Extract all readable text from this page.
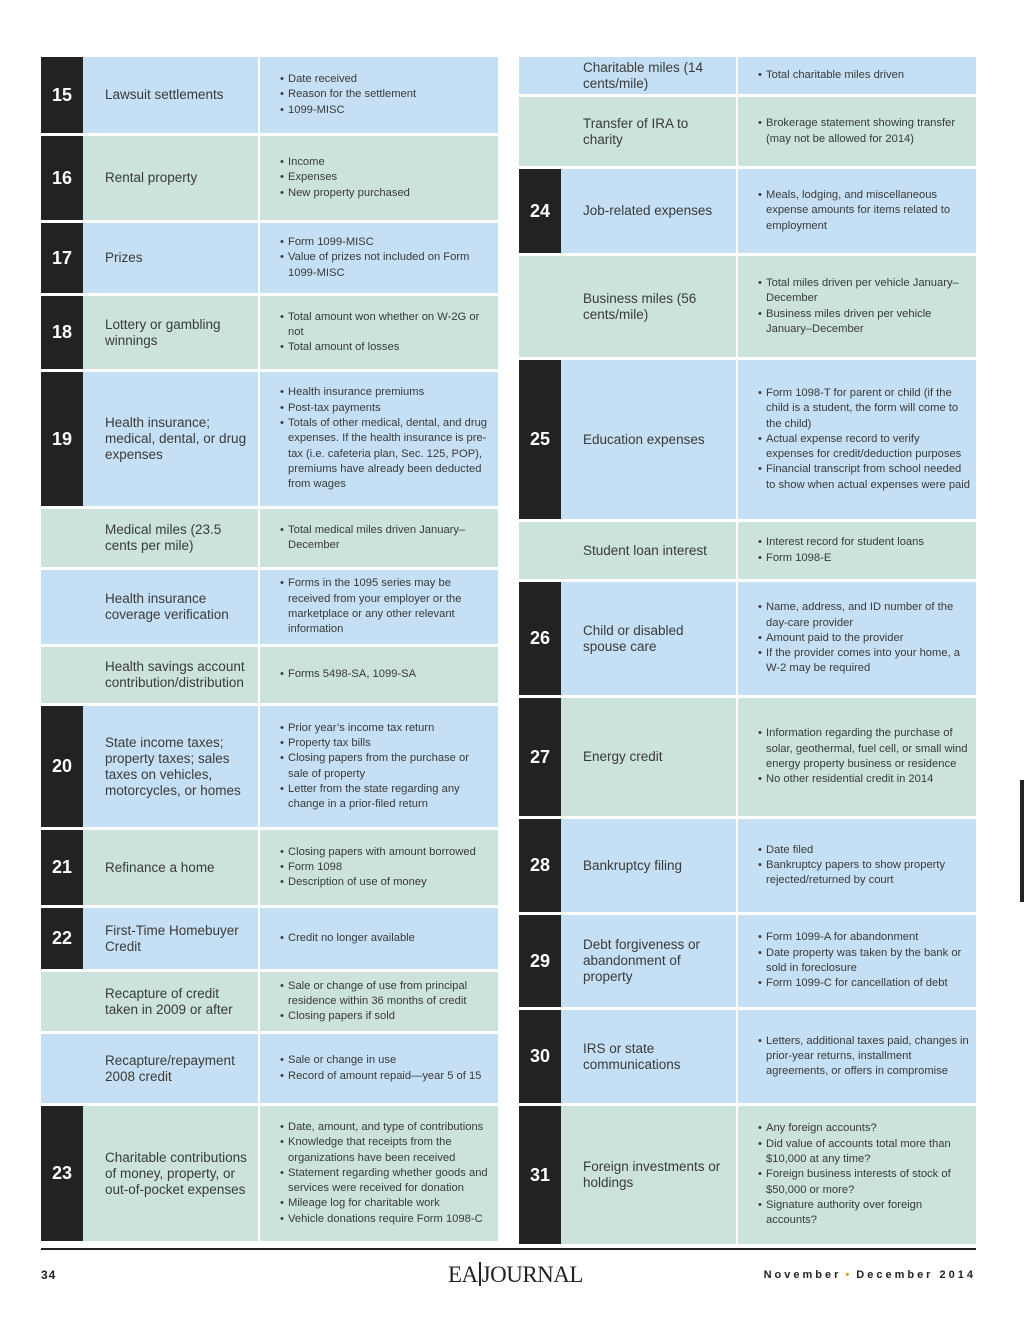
15	Lawsuit settlements
• Date received
• Reason for the settlement
• 1099-MISC
16	Rental property
• Income
• Expenses
• New property purchased
17	Prizes
• Form 1099-MISC
• Value of prizes not included on Form 1099-MISC
18	Lottery or gambling winnings
• Total amount won whether on W-2G or not
• Total amount of losses
19
Health insurance; medical, dental, or drug expenses
• Health insurance premiums
• Post-tax payments
• Totals of other medical, dental, and drug expenses. If the health insurance is pre-tax (i.e. cafeteria plan, Sec. 125, POP), premiums have already been deducted from wages
Medical miles (23.5 cents per mile)
• Total medical miles driven January–December
Health insurance coverage verification
• Forms in the 1095 series may be received from your employer or the marketplace or any other relevant information
Health savings account contribution/distribution
• Forms 5498-SA, 1099-SA
20
State income taxes; property taxes; sales taxes on vehicles, motorcycles, or homes
• Prior year’s income tax return
• Property tax bills
• Closing papers from the purchase or sale of property
• Letter from the state regarding any change in a prior-filed return
21	Refinance a home
• Closing papers with amount borrowed
• Form 1098
• Description of use of money
22	First-Time Homebuyer Credit
• Credit no longer available
Recapture of credit taken in 2009 or after
• Sale or change of use from principal residence within 36 months of credit
• Closing papers if sold
Recapture/repayment 2008 credit
• Sale or change in use
• Record of amount repaid—year 5 of 15
23
Charitable contributions of money, property, or out-of-pocket expenses
• Date, amount, and type of contributions
• Knowledge that receipts from the organizations have been received
• Statement regarding whether goods and services were received for donation
• Mileage log for charitable work
• Vehicle donations require Form 1098-C
Charitable miles (14 cents/mile)
• Total charitable miles driven
Transfer of IRA to charity
• Brokerage statement showing transfer (may not be allowed for 2014)
24	Job-related expenses
• Meals, lodging, and miscellaneous expense amounts for items related to employment
Business miles (56 cents/mile)
• Total miles driven per vehicle January–December
• Business miles driven per vehicle January–December
25	Education expenses
• Form 1098-T for parent or child (if the child is a student, the form will come to the child)
• Actual expense record to verify expenses for credit/deduction purposes
• Financial transcript from school needed to show when actual expenses were paid
Student loan interest
• Interest record for student loans
• Form 1098-E
26	Child or disabled spouse care
• Name, address, and ID number of the day-care provider
• Amount paid to the provider
• If the provider comes into your home, a W-2 may be required
27	Energy credit
• Information regarding the purchase of solar, geothermal, fuel cell, or small wind energy property business or residence
• No other residential credit in 2014
28	Bankruptcy filing
• Date filed
• Bankruptcy papers to show property rejected/returned by court
29
Debt forgiveness or abandonment of property
• Form 1099-A for abandonment
• Date property was taken by the bank or sold in foreclosure
• Form 1099-C for cancellation of debt
30	IRS or state communications
• Letters, additional taxes paid, changes in prior-year returns, installment agreements, or offers in compromise
31	Foreign investments or holdings
• Any foreign accounts?
• Did value of accounts total more than $10,000 at any time?
• Foreign business interests of stock of $50,000 or more?
• Signature authority over foreign accounts?
34	EA JOURNAL	November • December 2014
